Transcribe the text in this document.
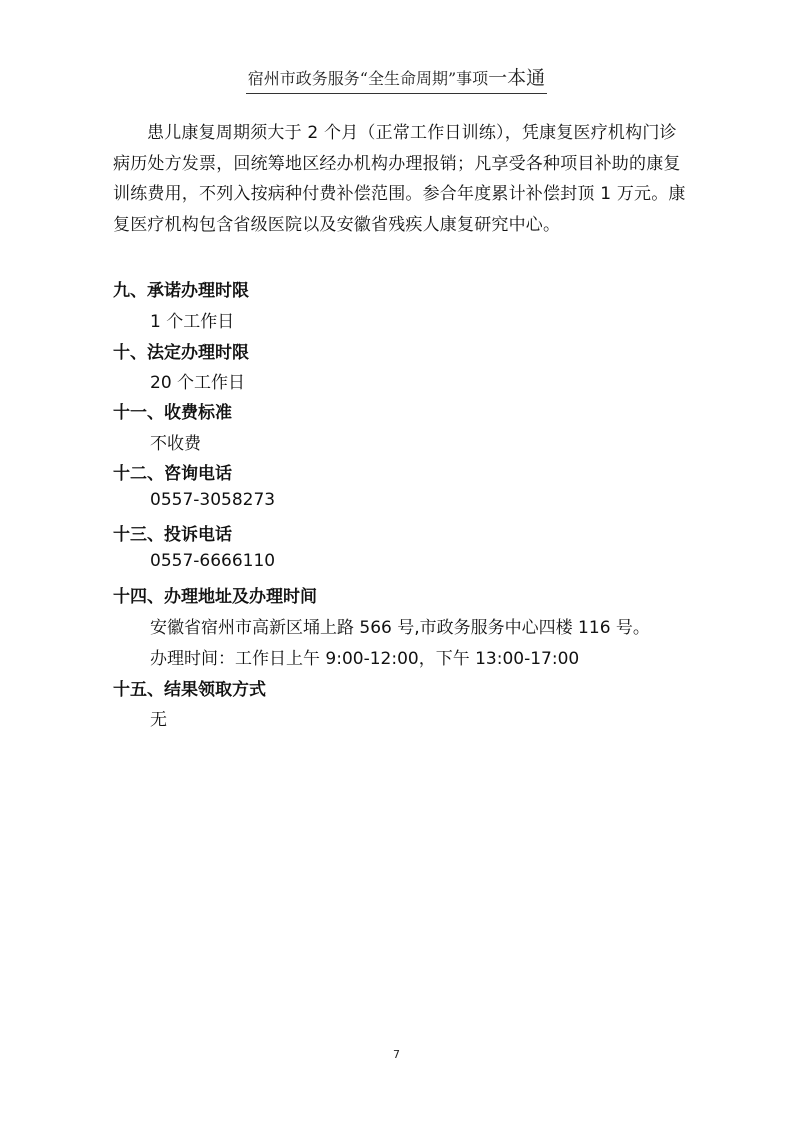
宿州市政务服务“全生命周期”事项一本通
患儿康复周期须大于 2 个月（正常工作日训练），凭康复医疗机构门诊病历处方发票，回统筹地区经办机构办理报销；凡享受各种项目补助的康复训练费用，不列入按病种付费补偿范围。参合年度累计补偿封顶 1 万元。康复医疗机构包含省级医院以及安徽省残疾人康复研究中心。
九、承诺办理时限
1 个工作日
十、法定办理时限
20 个工作日
十一、收费标准
不收费
十二、咨询电话
0557-3058273
十三、投诉电话
0557-6666110
十四、办理地址及办理时间
安徽省宿州市高新区埇上路 566 号,市政务服务中心四楼 116 号。
办理时间：工作日上午 9:00-12:00，下午 13:00-17:00
十五、结果领取方式
无
7
